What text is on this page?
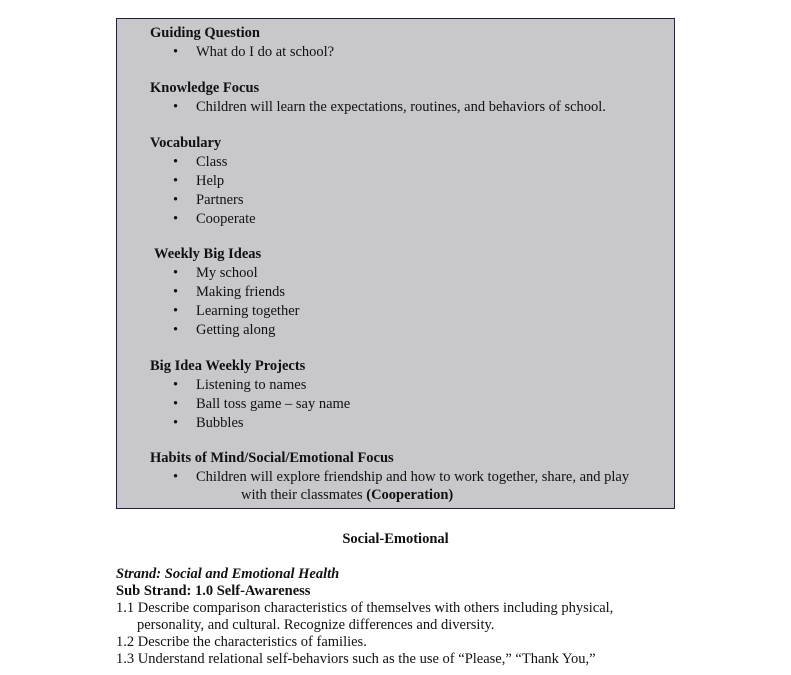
Guiding Question
• What do I do at school?
Knowledge Focus
• Children will learn the expectations, routines, and behaviors of school.
Vocabulary
• Class
• Help
• Partners
• Cooperate
Weekly Big Ideas
• My school
• Making friends
• Learning together
• Getting along
Big Idea Weekly Projects
• Listening to names
• Ball toss game – say name
• Bubbles
Habits of Mind/Social/Emotional Focus
• Children will explore friendship and how to work together, share, and play
with their classmates (Cooperation)
Social-Emotional
Strand: Social and Emotional Health
Sub Strand: 1.0 Self-Awareness
1.1 Describe comparison characteristics of themselves with others including physical,
personality, and cultural. Recognize differences and diversity.
1.2 Describe the characteristics of families.
1.3 Understand relational self-behaviors such as the use of “Please,” “Thank You,”
